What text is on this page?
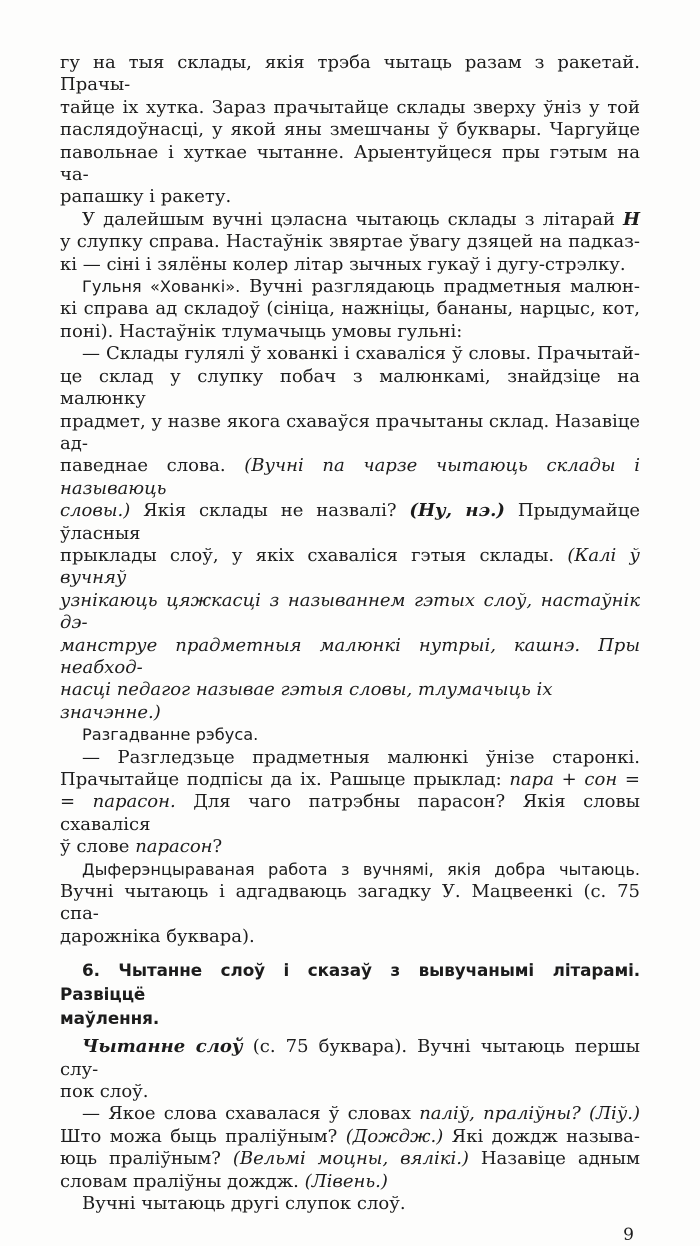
гу на тыя склады, якія трэба чытаць разам з ракетай. Прачы-
тайце іх хутка. Зараз прачытайце склады зверху ўніз у той
паслядоўнасці, у якой яны змешчаны ў буквары. Чаргуйце
павольнае і хуткае чытанне. Арыентуйцеся пры гэтым на ча-
рапашку і ракету.
У далейшым вучні цэласна чытаюць склады з літарай Н
у слупку справа. Настаўнік звяртае ўвагу дзяцей на падказ-
кі — сіні і зялёны колер літар зычных гукаў і дугу-стрэлку.
Гульня «Хованкі». Вучні разглядаюць прадметныя малюн-
кі справа ад складоў (сініца, нажніцы, бананы, нарцыс, кот,
поні). Настаўнік тлумачыць умовы гульні:
— Склады гулялі ў хованкі і схаваліся ў словы. Прачытай-
це склад у слупку побач з малюнкамі, знайдзіце на малюнку
прадмет, у назве якога схаваўся прачытаны склад. Назавіце ад-
паведнае слова. (Вучні па чарзе чытаюць склады і называюць
словы.) Якія склады не назвалі? (Ну, нэ.) Прыдумайце ўласныя
прыклады слоў, у якіх схаваліся гэтыя склады. (Калі ў вучняў
узнікаюць цяжкасці з называннем гэтых слоў, настаўнік дэ-
манструе прадметныя малюнкі нутрыі, кашнэ. Пры неабход-
насці педагог называе гэтыя словы, тлумачыць іх значэнне.)
Разгадванне рэбуса.
— Разгледзьце прадметныя малюнкі ўнізе старонкі.
Прачытайце подпісы да іх. Рашыце прыклад: пара + сон =
= парасон. Для чаго патрэбны парасон? Якія словы схаваліся
ў слове парасон?
Дыферэнцыраваная работа з вучнямі, якія добра чытаюць.
Вучні чытаюць і адгадваюць загадку У. Мацвеенкі (с. 75 спа-
дарожніка буквара).
6. Чытанне слоў і сказаў з вывучанымі літарамі. Развіццё
маўлення.
Чытанне слоў (с. 75 буквара). Вучні чытаюць першы слу-
пок слоў.
— Якое слова схавалася ў словах паліў, праліўны? (Ліў.)
Што можа быць праліўным? (Дождж.) Які дождж называ-
юць праліўным? (Вельмі моцны, вялікі.) Назавіце адным
словам праліўны дождж. (Лівень.)
Вучні чытаюць другі слупок слоў.
9
